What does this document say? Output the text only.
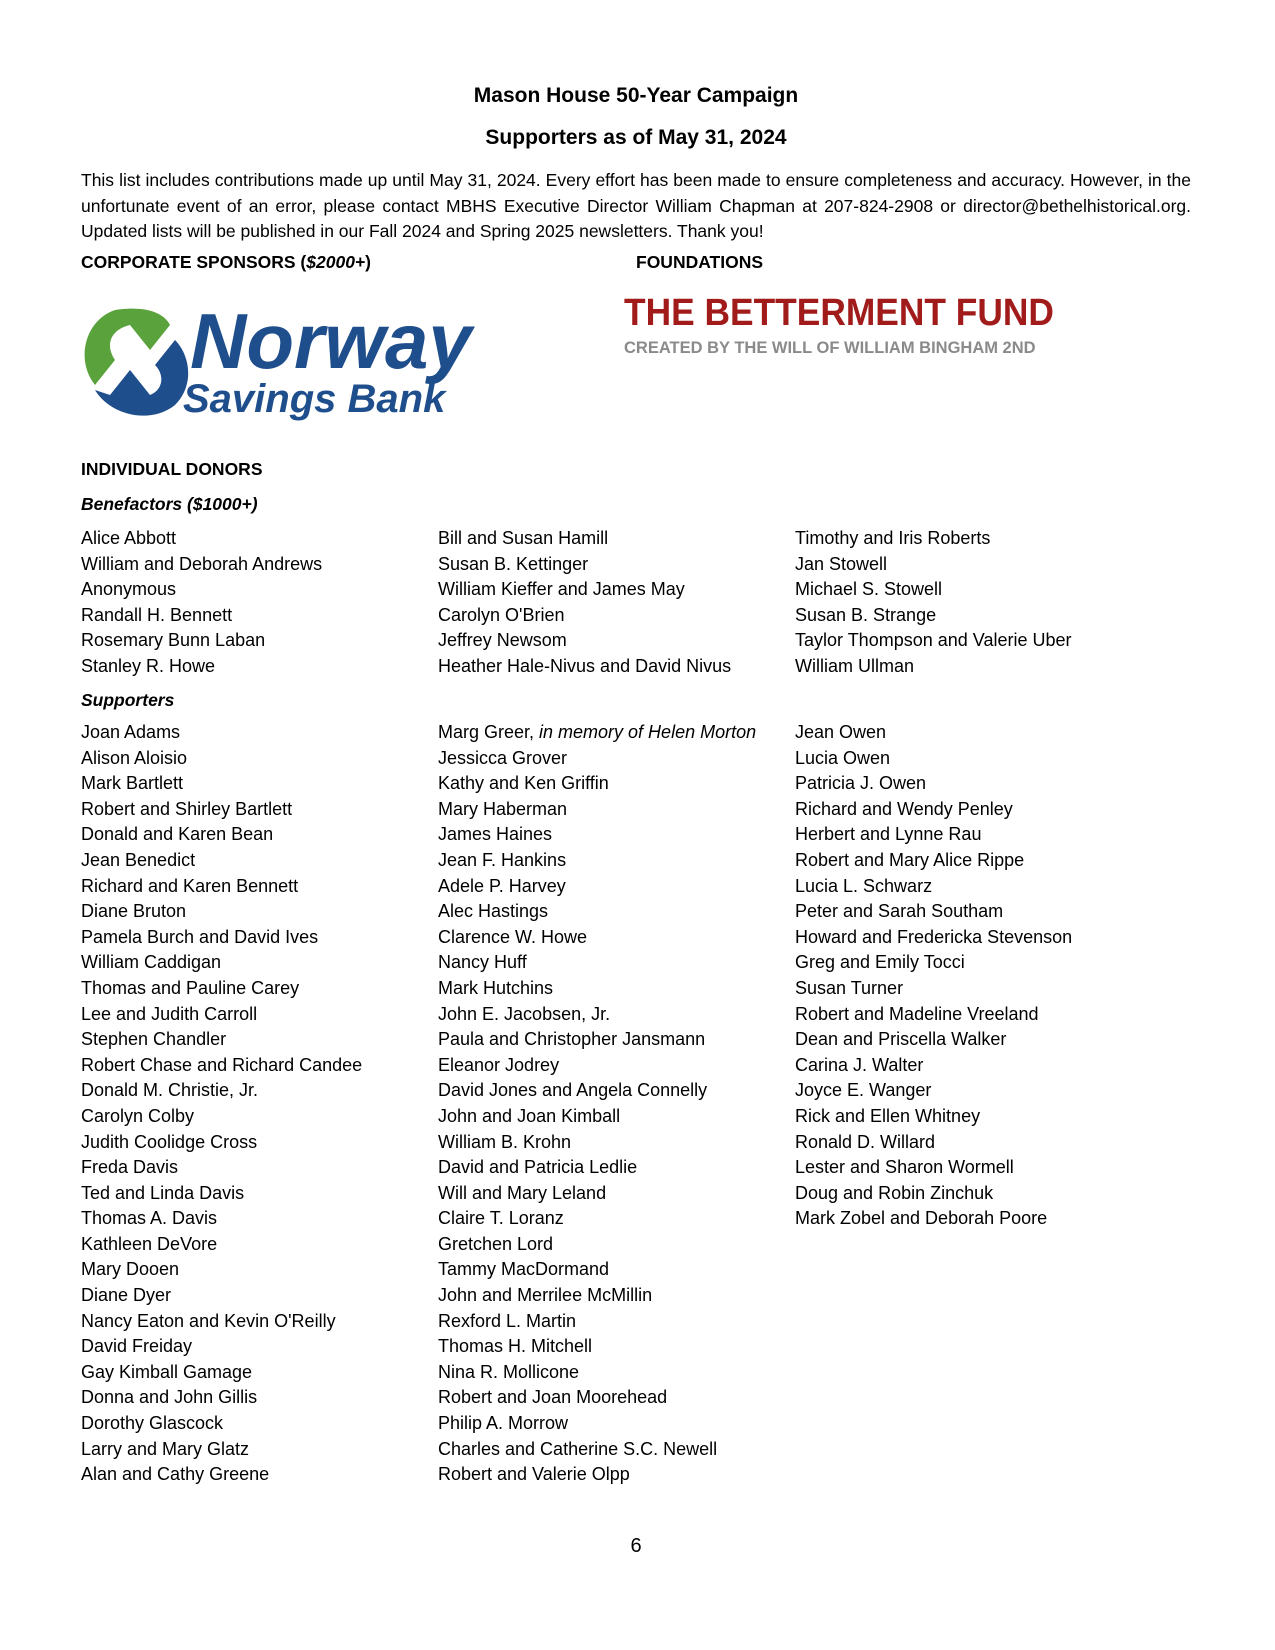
Mason House 50-Year Campaign
Supporters as of May 31, 2024
This list includes contributions made up until May 31, 2024. Every effort has been made to ensure completeness and accuracy. However, in the unfortunate event of an error, please contact MBHS Executive Director William Chapman at 207-824-2908 or director@bethelhistorical.org. Updated lists will be published in our Fall 2024 and Spring 2025 newsletters. Thank you!
CORPORATE SPONSORS ($2000+)	FOUNDATIONS
Norway
Savings Bank
THE BETTERMENT FUND
CREATED BY THE WILL OF WILLIAM BINGHAM 2ND
INDIVIDUAL DONORS
Benefactors ($1000+)
Alice Abbott
William and Deborah Andrews
Anonymous
Randall H. Bennett
Rosemary Bunn Laban
Stanley R. Howe
Bill and Susan Hamill
Susan B. Kettinger
William Kieffer and James May
Carolyn O'Brien
Jeffrey Newsom
Heather Hale-Nivus and David Nivus
Timothy and Iris Roberts
Jan Stowell
Michael S. Stowell
Susan B. Strange
Taylor Thompson and Valerie Uber
William Ullman
Supporters
Joan Adams
Alison Aloisio
Mark Bartlett
Robert and Shirley Bartlett
Donald and Karen Bean
Jean Benedict
Richard and Karen Bennett
Diane Bruton
Pamela Burch and David Ives
William Caddigan
Thomas and Pauline Carey
Lee and Judith Carroll
Stephen Chandler
Robert Chase and Richard Candee
Donald M. Christie, Jr.
Carolyn Colby
Judith Coolidge Cross
Freda Davis
Ted and Linda Davis
Thomas A. Davis
Kathleen DeVore
Mary Dooen
Diane Dyer
Nancy Eaton and Kevin O'Reilly
David Freiday
Gay Kimball Gamage
Donna and John Gillis
Dorothy Glascock
Larry and Mary Glatz
Alan and Cathy Greene
Marg Greer, in memory of Helen Morton
Jessicca Grover
Kathy and Ken Griffin
Mary Haberman
James Haines
Jean F. Hankins
Adele P. Harvey
Alec Hastings
Clarence W. Howe
Nancy Huff
Mark Hutchins
John E. Jacobsen, Jr.
Paula and Christopher Jansmann
Eleanor Jodrey
David Jones and Angela Connelly
John and Joan Kimball
William B. Krohn
David and Patricia Ledlie
Will and Mary Leland
Claire T. Loranz
Gretchen Lord
Tammy MacDormand
John and Merrilee McMillin
Rexford L. Martin
Thomas H. Mitchell
Nina R. Mollicone
Robert and Joan Moorehead
Philip A. Morrow
Charles and Catherine S.C. Newell
Robert and Valerie Olpp
Jean Owen
Lucia Owen
Patricia J. Owen
Richard and Wendy Penley
Herbert and Lynne Rau
Robert and Mary Alice Rippe
Lucia L. Schwarz
Peter and Sarah Southam
Howard and Fredericka Stevenson
Greg and Emily Tocci
Susan Turner
Robert and Madeline Vreeland
Dean and Priscella Walker
Carina J. Walter
Joyce E. Wanger
Rick and Ellen Whitney
Ronald D. Willard
Lester and Sharon Wormell
Doug and Robin Zinchuk
Mark Zobel and Deborah Poore
6
